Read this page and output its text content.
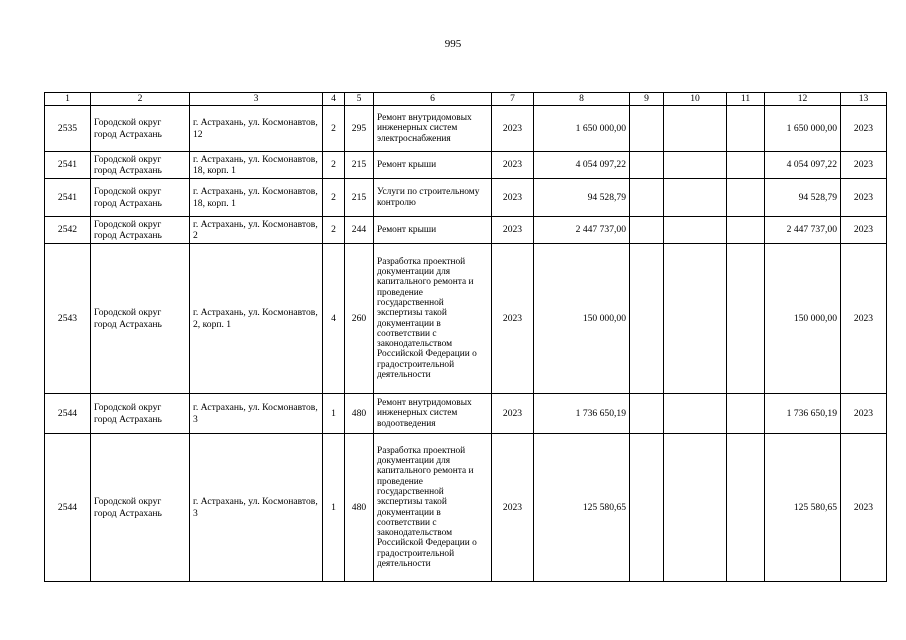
995
1	2	3	4	5	6	7	8	9	10	11	12	13
2535	Городской округ город Астрахань	г. Астрахань, ул. Космонавтов, 12	2	295	Ремонт внутридомовых инженерных систем электроснабжения	2023	1 650 000,00				1 650 000,00	2023
2541	Городской округ город Астрахань	г. Астрахань, ул. Космонавтов, 18, корп. 1	2	215	Ремонт крыши	2023	4 054 097,22				4 054 097,22	2023
2541	Городской округ город Астрахань	г. Астрахань, ул. Космонавтов, 18, корп. 1	2	215	Услуги по строительному контролю	2023	94 528,79				94 528,79	2023
2542	Городской округ город Астрахань	г. Астрахань, ул. Космонавтов, 2	2	244	Ремонт крыши	2023	2 447 737,00				2 447 737,00	2023
2543	Городской округ город Астрахань	г. Астрахань, ул. Космонавтов, 2, корп. 1	4	260	Разработка проектной документации для капитального ремонта и проведение государственной экспертизы такой документации в соответствии с законодательством Российской Федерации о градостроительной деятельности	2023	150 000,00				150 000,00	2023
2544	Городской округ город Астрахань	г. Астрахань, ул. Космонавтов, 3	1	480	Ремонт внутридомовых инженерных систем водоотведения	2023	1 736 650,19				1 736 650,19	2023
2544	Городской округ город Астрахань	г. Астрахань, ул. Космонавтов, 3	1	480	Разработка проектной документации для капитального ремонта и проведение государственной экспертизы такой документации в соответствии с законодательством Российской Федерации о градостроительной деятельности	2023	125 580,65				125 580,65	2023
